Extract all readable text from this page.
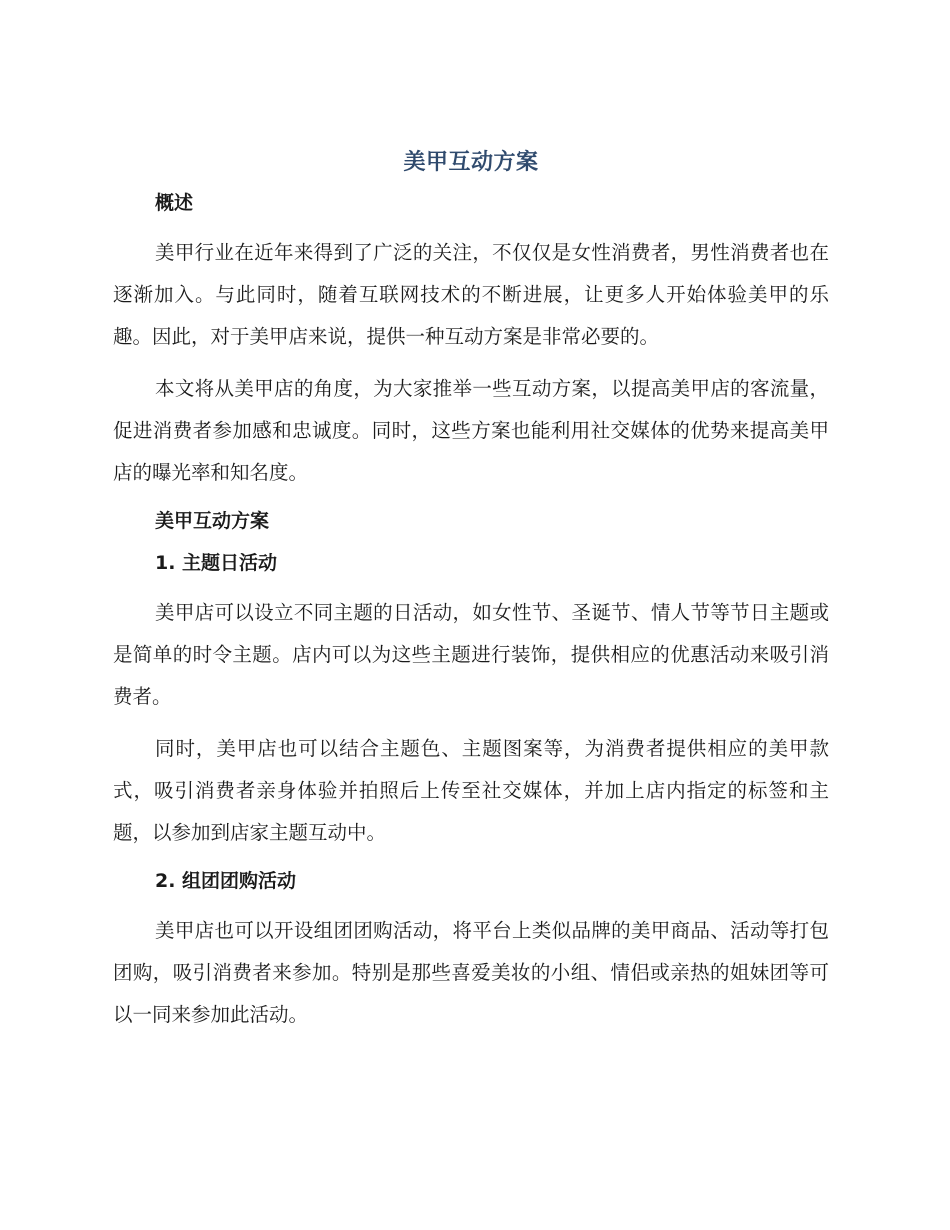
美甲互动方案
概述

美甲行业在近年来得到了广泛的关注，不仅仅是女性消费者，男性消费者也在逐渐加入。与此同时，随着互联网技术的不断进展，让更多人开始体验美甲的乐趣。因此，对于美甲店来说，提供一种互动方案是非常必要的。

本文将从美甲店的角度，为大家推举一些互动方案，以提高美甲店的客流量，促进消费者参加感和忠诚度。同时，这些方案也能利用社交媒体的优势来提高美甲店的曝光率和知名度。

美甲互动方案
1. 主题日活动

美甲店可以设立不同主题的日活动，如女性节、圣诞节、情人节等节日主题或是简单的时令主题。店内可以为这些主题进行装饰，提供相应的优惠活动来吸引消费者。

同时，美甲店也可以结合主题色、主题图案等，为消费者提供相应的美甲款式，吸引消费者亲身体验并拍照后上传至社交媒体，并加上店内指定的标签和主题，以参加到店家主题互动中。

2. 组团团购活动

美甲店也可以开设组团团购活动，将平台上类似品牌的美甲商品、活动等打包团购，吸引消费者来参加。特别是那些喜爱美妆的小组、情侣或亲热的姐妹团等可以一同来参加此活动。
